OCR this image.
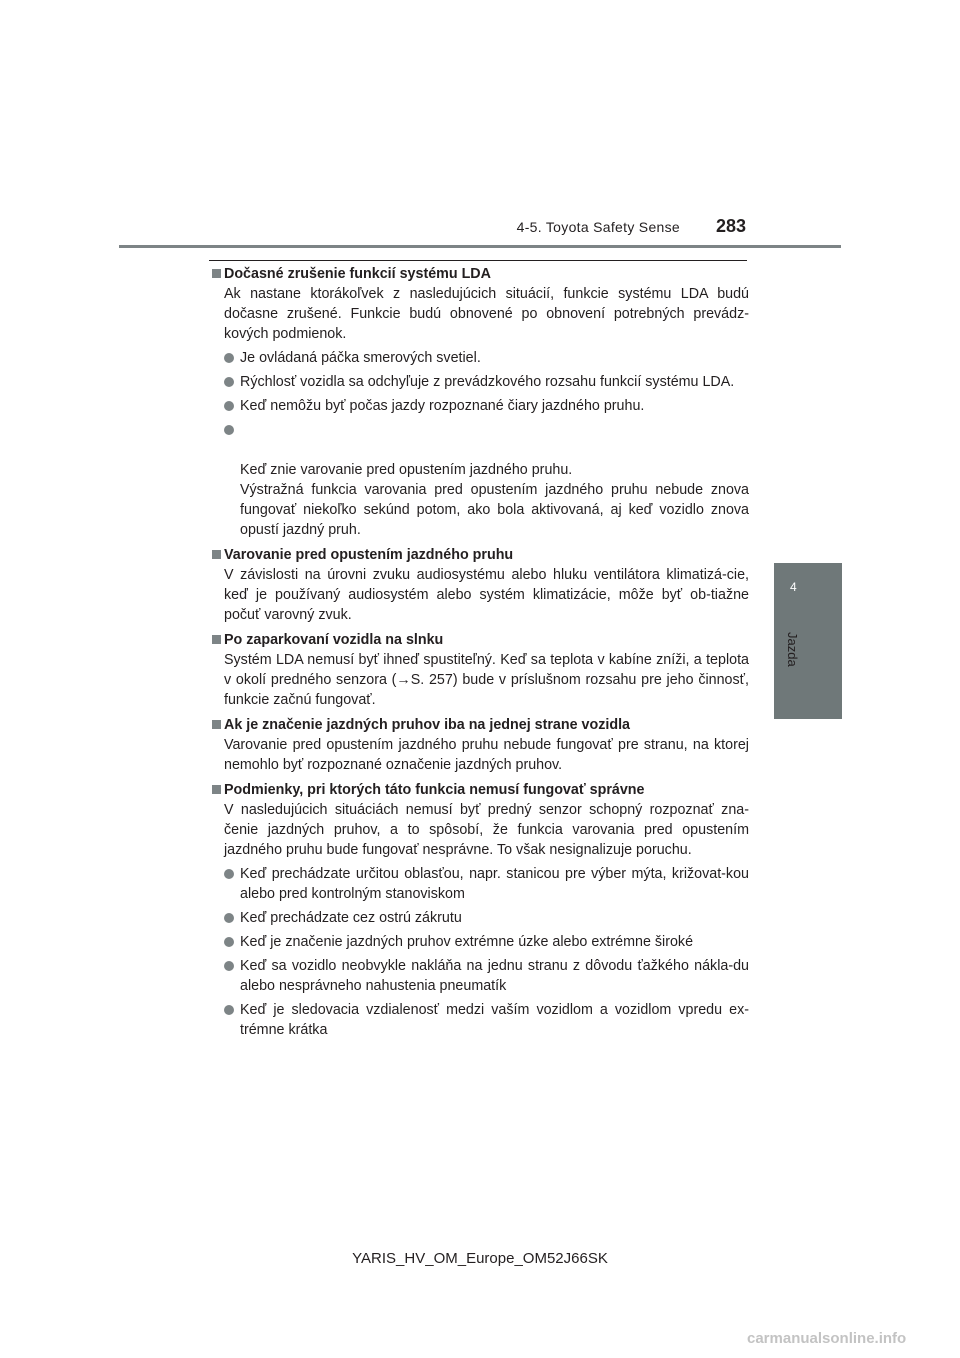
4-5. Toyota Safety Sense 283
4
Jazda
Dočasné zrušenie funkcií systému LDA
Ak nastane ktorákoľvek z nasledujúcich situácií, funkcie systému LDA budú dočasne zrušené. Funkcie budú obnovené po obnovení potrebných prevádz-kových podmienok.
Je ovládaná páčka smerových svetiel.
Rýchlosť vozidla sa odchyľuje z prevádzkového rozsahu funkcií systému LDA.
Keď nemôžu byť počas jazdy rozpoznané čiary jazdného pruhu.

Keď znie varovanie pred opustením jazdného pruhu.
Výstražná funkcia varovania pred opustením jazdného pruhu nebude znova fungovať niekoľko sekúnd potom, ako bola aktivovaná, aj keď vozidlo znova opustí jazdný pruh.

Varovanie pred opustením jazdného pruhu
V závislosti na úrovni zvuku audiosystému alebo hluku ventilátora klimatizá-cie, keď je používaný audiosystém alebo systém klimatizácie, môže byť ob-tiažne počuť varovný zvuk.
Po zaparkovaní vozidla na slnku
Systém LDA nemusí byť ihneď spustiteľný. Keď sa teplota v kabíne zníži, a teplota v okolí predného senzora (→S. 257) bude v príslušnom rozsahu pre jeho činnosť, funkcie začnú fungovať.
Ak je značenie jazdných pruhov iba na jednej strane vozidla
Varovanie pred opustením jazdného pruhu nebude fungovať pre stranu, na ktorej nemohlo byť rozpoznané označenie jazdných pruhov.
Podmienky, pri ktorých táto funkcia nemusí fungovať správne
V nasledujúcich situáciách nemusí byť predný senzor schopný rozpoznať zna-čenie jazdných pruhov, a to spôsobí, že funkcia varovania pred opustením jazdného pruhu bude fungovať nesprávne. To však nesignalizuje poruchu.
Keď prechádzate určitou oblasťou, napr. stanicou pre výber mýta, križovat-kou alebo pred kontrolným stanoviskom
Keď prechádzate cez ostrú zákrutu
Keď je značenie jazdných pruhov extrémne úzke alebo extrémne široké
Keď sa vozidlo neobvykle nakláňa na jednu stranu z dôvodu ťažkého nákla-du alebo nesprávneho nahustenia pneumatík
Keď je sledovacia vzdialenosť medzi vaším vozidlom a vozidlom vpredu ex-trémne krátka
YARIS_HV_OM_Europe_OM52J66SK
carmanualsonline.info
